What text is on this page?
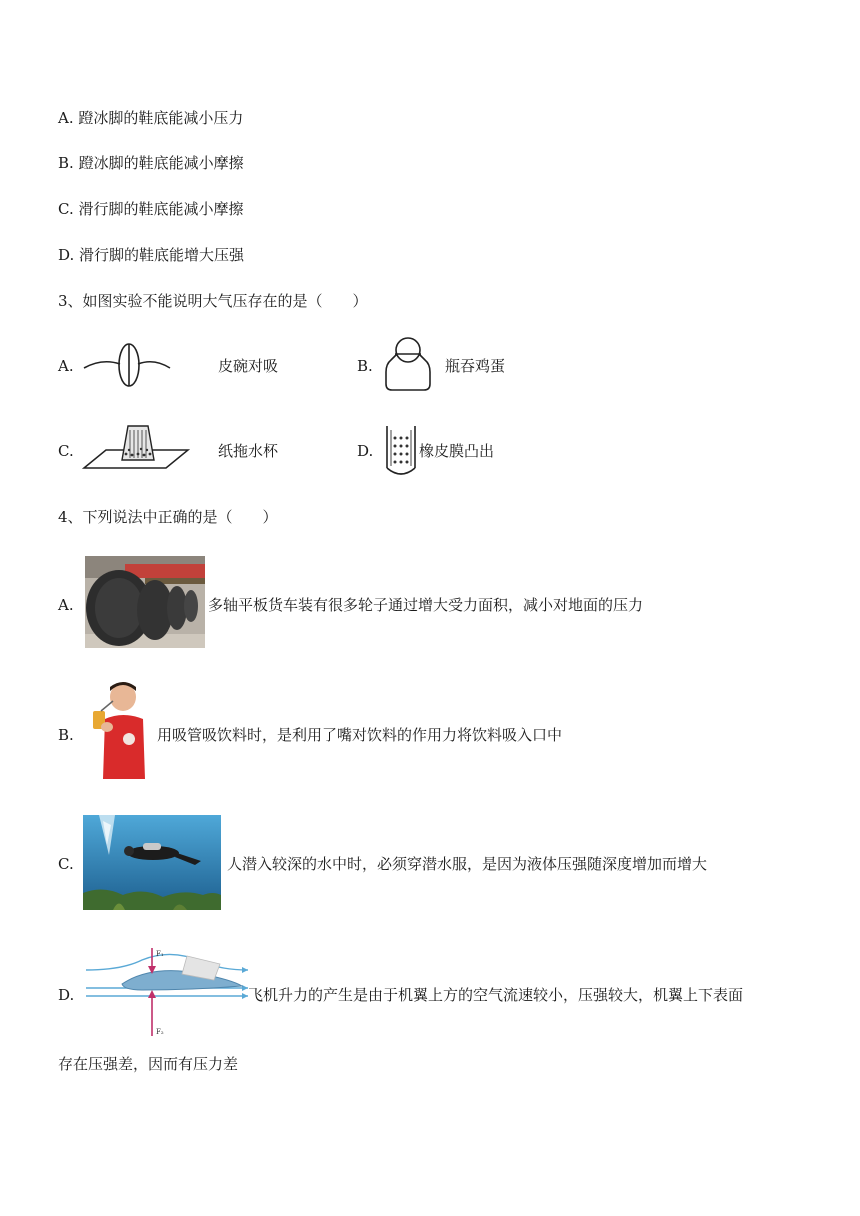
A. 蹬冰脚的鞋底能减小压力
B. 蹬冰脚的鞋底能减小摩擦
C. 滑行脚的鞋底能减小摩擦
D. 滑行脚的鞋底能增大压强
3、如图实验不能说明大气压存在的是（　　）
A.	皮碗对吸	B.	瓶吞鸡蛋
C.	纸拖水杯	D.	橡皮膜凸出
4、下列说法中正确的是（　　）
A.	多轴平板货车装有很多轮子通过增大受力面积，减小对地面的压力
B.	用吸管吸饮料时，是利用了嘴对饮料的作用力将饮料吸入口中
C.	人潜入较深的水中时，必须穿潜水服，是因为液体压强随深度增加而增大
D.
F₁
F₂
飞机升力的产生是由于机翼上方的空气流速较小，压强较大，机翼上下表面
存在压强差，因而有压力差
